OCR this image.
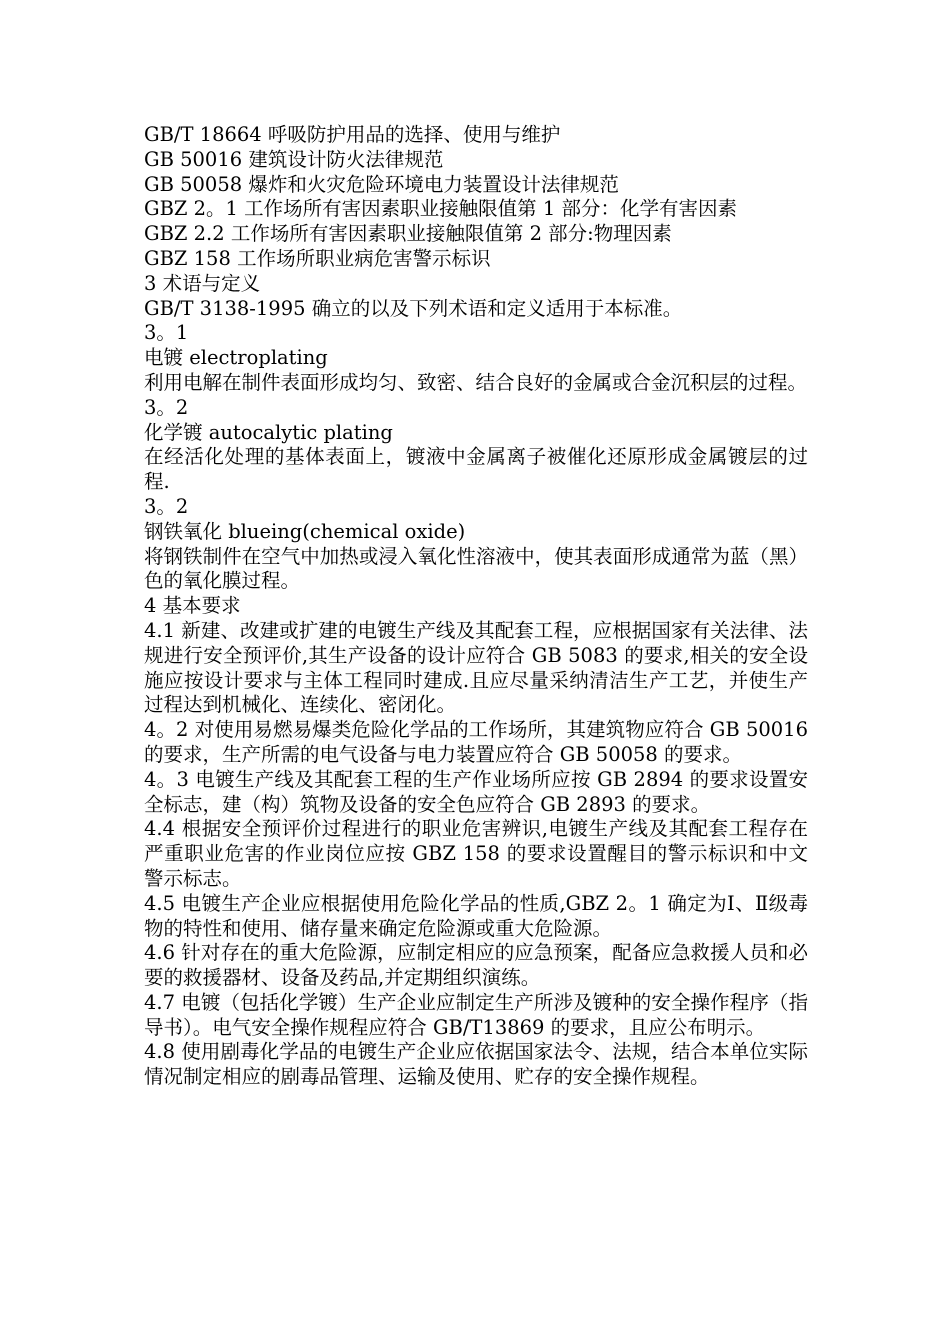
GB/T 18664 呼吸防护用品的选择、使用与维护
GB 50016 建筑设计防火法律规范
GB 50058 爆炸和火灾危险环境电力装置设计法律规范
GBZ 2。1 工作场所有害因素职业接触限值第 1 部分：化学有害因素
GBZ 2.2 工作场所有害因素职业接触限值第 2 部分:物理因素
GBZ 158 工作场所职业病危害警示标识
3 术语与定义
GB/T 3138-1995 确立的以及下列术语和定义适用于本标准。
3。1
电镀 electroplating
利用电解在制件表面形成均匀、致密、结合良好的金属或合金沉积层的过程。
3。2
化学镀 autocalytic plating
在经活化处理的基体表面上，镀液中金属离子被催化还原形成金属镀层的过程.
3。2
钢铁氧化 blueing(chemical oxide)
将钢铁制件在空气中加热或浸入氧化性溶液中，使其表面形成通常为蓝（黑）色的氧化膜过程。
4 基本要求
4.1 新建、改建或扩建的电镀生产线及其配套工程，应根据国家有关法律、法规进行安全预评价,其生产设备的设计应符合 GB 5083 的要求,相关的安全设施应按设计要求与主体工程同时建成.且应尽量采纳清洁生产工艺，并使生产过程达到机械化、连续化、密闭化。
4。2 对使用易燃易爆类危险化学品的工作场所，其建筑物应符合 GB 50016 的要求，生产所需的电气设备与电力装置应符合 GB 50058 的要求。
4。3 电镀生产线及其配套工程的生产作业场所应按 GB 2894 的要求设置安全标志，建（构）筑物及设备的安全色应符合 GB 2893 的要求。
4.4 根据安全预评价过程进行的职业危害辨识,电镀生产线及其配套工程存在严重职业危害的作业岗位应按 GBZ 158 的要求设置醒目的警示标识和中文警示标志。
4.5 电镀生产企业应根据使用危险化学品的性质,GBZ 2。1 确定为Ⅰ、Ⅱ级毒物的特性和使用、储存量来确定危险源或重大危险源。
4.6 针对存在的重大危险源，应制定相应的应急预案，配备应急救援人员和必要的救援器材、设备及药品,并定期组织演练。
4.7 电镀（包括化学镀）生产企业应制定生产所涉及镀种的安全操作程序（指导书）。电气安全操作规程应符合 GB/T13869 的要求，且应公布明示。
4.8 使用剧毒化学品的电镀生产企业应依据国家法令、法规，结合本单位实际情况制定相应的剧毒品管理、运输及使用、贮存的安全操作规程。
